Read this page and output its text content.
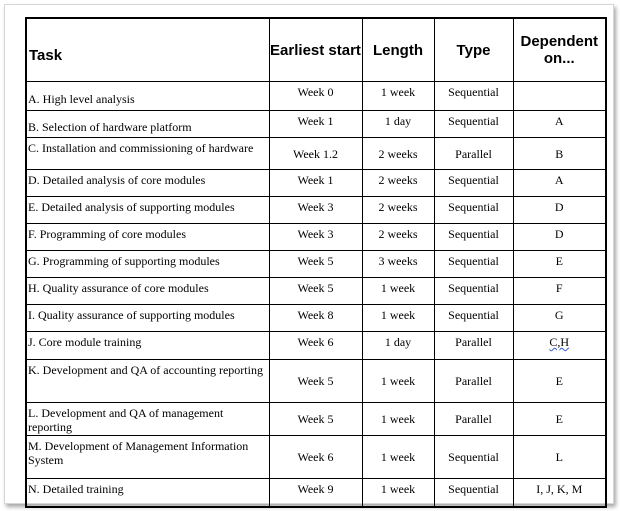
Task	Earliest start	Length	Type	Dependent on...
A. High level analysis	Week 0	1 week	Sequential	
B. Selection of hardware platform	Week 1	1 day	Sequential	A
C. Installation and commissioning of hardware	Week 1.2	2 weeks	Parallel	B
D. Detailed analysis of core modules	Week 1	2 weeks	Sequential	A
E. Detailed analysis of supporting modules	Week 3	2 weeks	Sequential	D
F. Programming of core modules	Week 3	2 weeks	Sequential	D
G. Programming of supporting modules	Week 5	3 weeks	Sequential	E
H. Quality assurance of core modules	Week 5	1 week	Sequential	F
I. Quality assurance of supporting modules	Week 8	1 week	Sequential	G
J. Core module training	Week 6	1 day	Parallel	C,H
K. Development and QA of accounting reporting	Week 5	1 week	Parallel	E
L. Development and QA of management reporting	Week 5	1 week	Parallel	E
M. Development of Management Information System	Week 6	1 week	Sequential	L
N. Detailed training	Week 9	1 week	Sequential	I, J, K, M
